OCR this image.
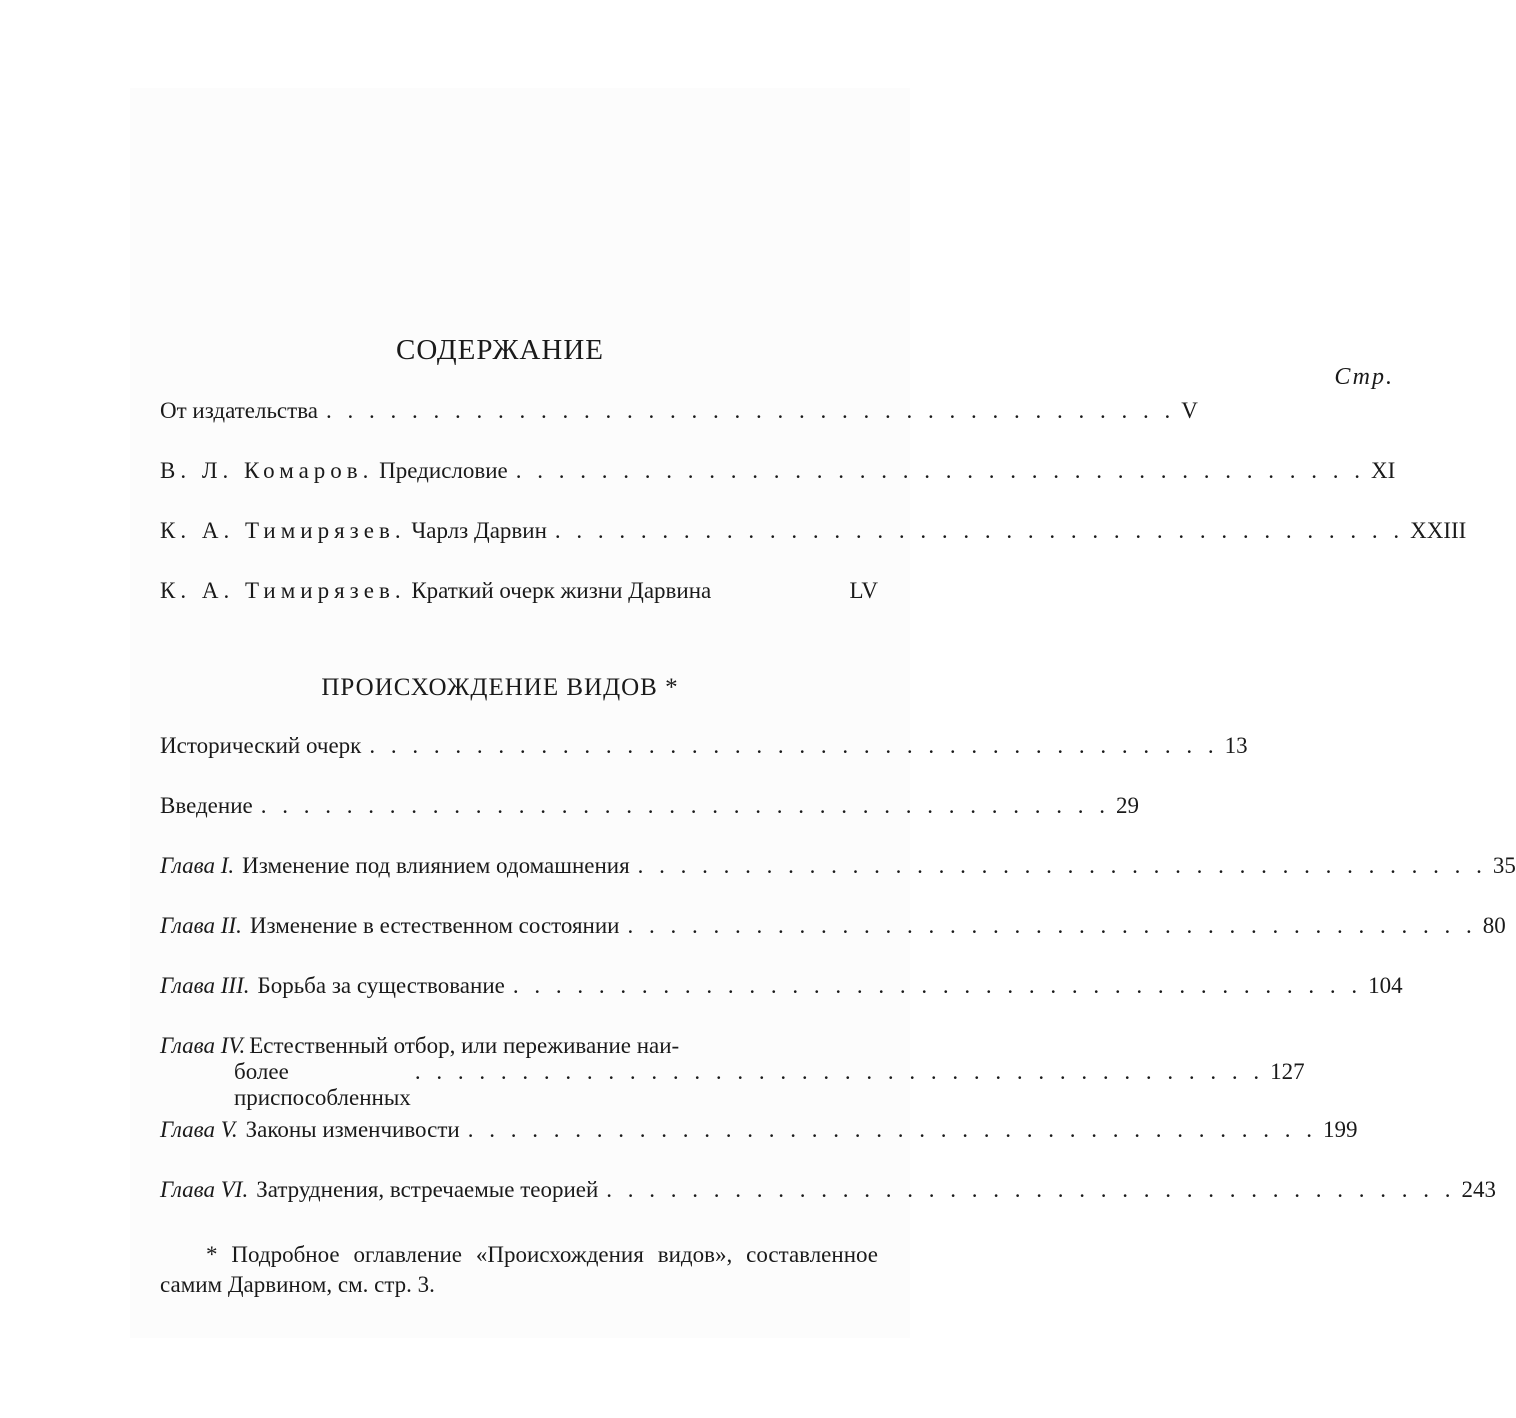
СОДЕРЖАНИЕ
Стр.
От издательства . . . . . . . . . . . . . . . . . . . . . . . . . . . . . . . . . . . . . . . . V
В. Л. Комаров. Предисловие . . . . . . . . . . . . . . . . . . . . . . . . . . . . . . . . . . . . . . . . XI
К. А. Тимирязев. Чарлз Дарвин . . . . . . . . . . . . . . . . . . . . . . . . . . . . . . . . . . . . . . . . XXIII
К. А. Тимирязев. Краткий очерк жизни Дарвина	LV
ПРОИСХОЖДЕНИЕ ВИДОВ *
Исторический очерк . . . . . . . . . . . . . . . . . . . . . . . . . . . . . . . . . . . . . . . . 13
Введение . . . . . . . . . . . . . . . . . . . . . . . . . . . . . . . . . . . . . . . . 29
Глава I. Изменение под влиянием одомашнения . . . . . . . . . . . . . . . . . . . . . . . . . . . . . . . . . . . . . . . . 35
Глава II. Изменение в естественном состоянии . . . . . . . . . . . . . . . . . . . . . . . . . . . . . . . . . . . . . . . . 80
Глава III. Борьба за существование . . . . . . . . . . . . . . . . . . . . . . . . . . . . . . . . . . . . . . . . 104
Глава IV. Естественный отбор, или переживание наи-
более приспособленных
. . . . . . . . . . . . . . . . . . . . . . . . . . . . . . . . . . . . . . . . 127
Глава V. Законы изменчивости . . . . . . . . . . . . . . . . . . . . . . . . . . . . . . . . . . . . . . . . 199
Глава VI. Затруднения, встречаемые теорией . . . . . . . . . . . . . . . . . . . . . . . . . . . . . . . . . . . . . . . . 243
* Подробное оглавление «Происхождения видов», составленное самим Дарвином, см. стр. 3.
